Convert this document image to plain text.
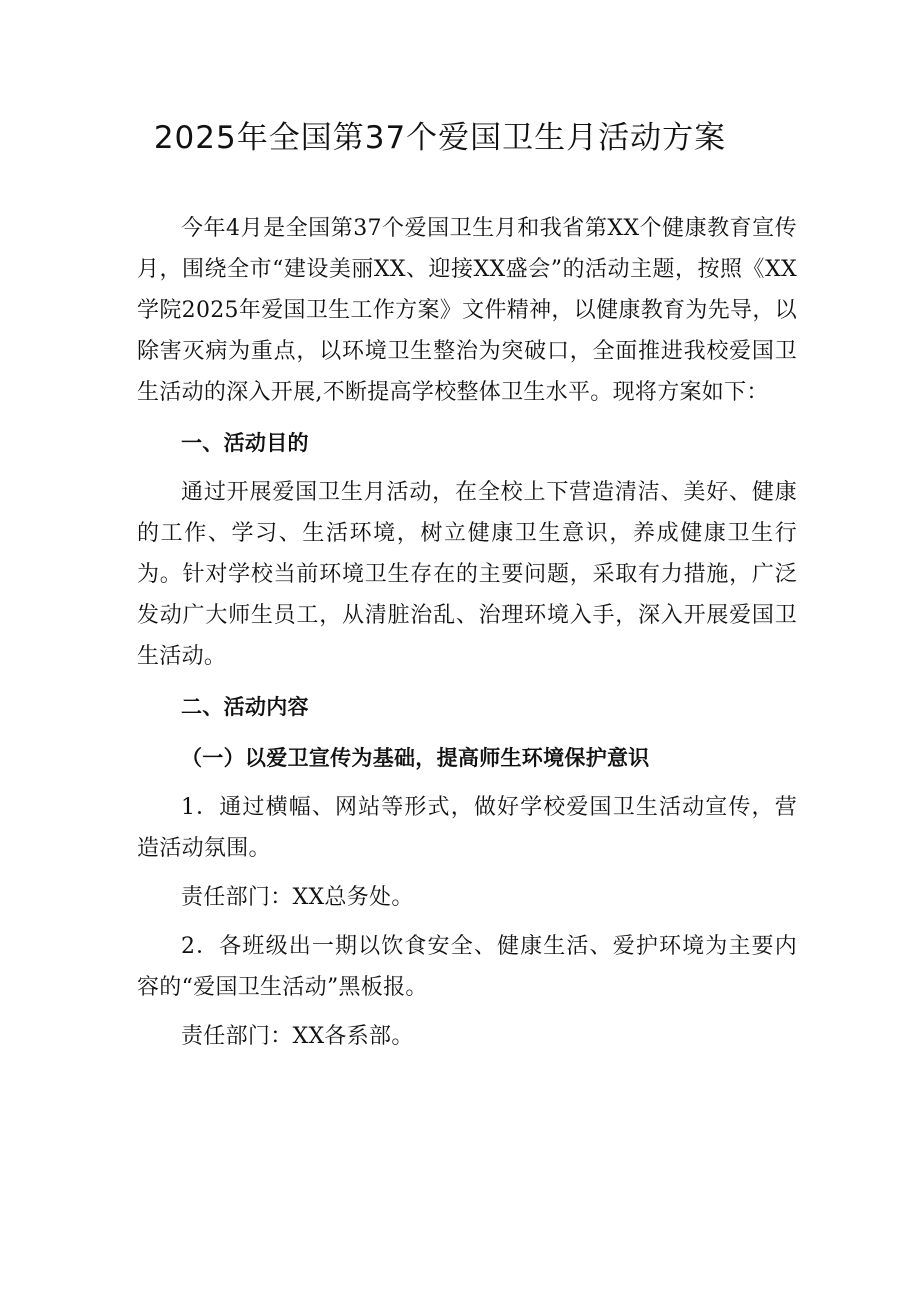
2025年全国第37个爱国卫生月活动方案

今年4月是全国第37个爱国卫生月和我省第XX个健康教育宣传月，围绕全市“建设美丽XX、迎接XX盛会”的活动主题，按照《XX学院2025年爱国卫生工作方案》文件精神，以健康教育为先导，以除害灭病为重点，以环境卫生整治为突破口，全面推进我校爱国卫生活动的深入开展,不断提高学校整体卫生水平。现将方案如下：

一、活动目的

通过开展爱国卫生月活动，在全校上下营造清洁、美好、健康的工作、学习、生活环境，树立健康卫生意识，养成健康卫生行为。针对学校当前环境卫生存在的主要问题，采取有力措施，广泛发动广大师生员工，从清脏治乱、治理环境入手，深入开展爱国卫生活动。

二、活动内容

（一）以爱卫宣传为基础，提高师生环境保护意识

1．通过横幅、网站等形式，做好学校爱国卫生活动宣传，营造活动氛围。

责任部门：XX总务处。

2．各班级出一期以饮食安全、健康生活、爱护环境为主要内容的“爱国卫生活动”黑板报。

责任部门：XX各系部。
